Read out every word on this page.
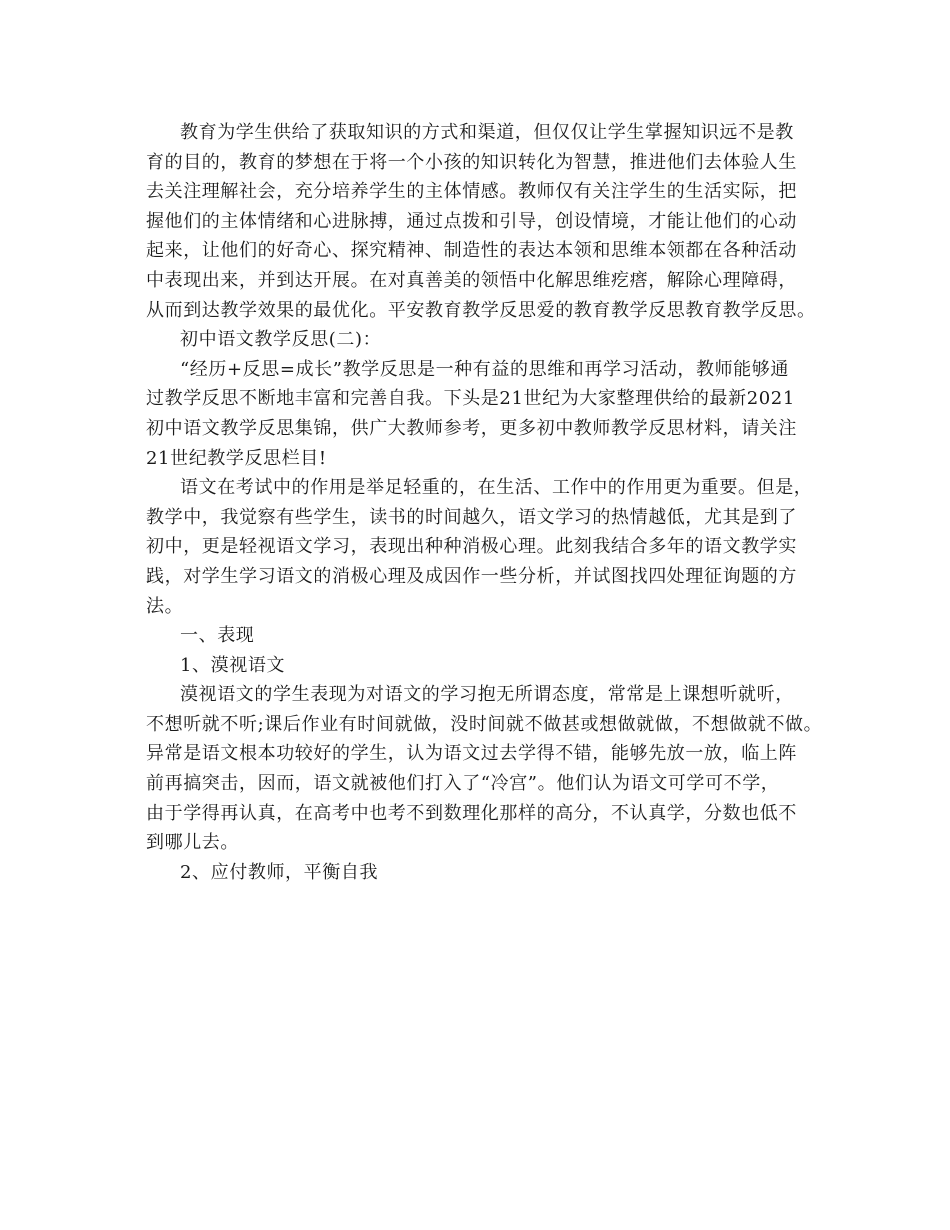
教育为学生供给了获取知识的方式和渠道，但仅仅让学生掌握知识远不是教
育的目的，教育的梦想在于将一个小孩的知识转化为智慧，推进他们去体验人生
去关注理解社会，充分培养学生的主体情感。教师仅有关注学生的生活实际，把
握他们的主体情绪和心进脉搏，通过点拨和引导，创设情境，才能让他们的心动
起来，让他们的好奇心、探究精神、制造性的表达本领和思维本领都在各种活动
中表现出来，并到达开展。在对真善美的领悟中化解思维疙瘩，解除心理障碍，
从而到达教学效果的最优化。平安教育教学反思爱的教育教学反思教育教学反思。
初中语文教学反思(二)：
“经历+反思=成长”教学反思是一种有益的思维和再学习活动，教师能够通
过教学反思不断地丰富和完善自我。下头是21世纪为大家整理供给的最新2021
初中语文教学反思集锦，供广大教师参考，更多初中教师教学反思材料，请关注
21世纪教学反思栏目!
语文在考试中的作用是举足轻重的，在生活、工作中的作用更为重要。但是，
教学中，我觉察有些学生，读书的时间越久，语文学习的热情越低，尤其是到了
初中，更是轻视语文学习，表现出种种消极心理。此刻我结合多年的语文教学实
践，对学生学习语文的消极心理及成因作一些分析，并试图找四处理征询题的方
法。
一、表现
1、漠视语文
漠视语文的学生表现为对语文的学习抱无所谓态度，常常是上课想听就听，
不想听就不听;课后作业有时间就做，没时间就不做甚或想做就做，不想做就不做。
异常是语文根本功较好的学生，认为语文过去学得不错，能够先放一放，临上阵
前再搞突击，因而，语文就被他们打入了“冷宫”。他们认为语文可学可不学，
由于学得再认真，在高考中也考不到数理化那样的高分，不认真学，分数也低不
到哪儿去。
2、应付教师，平衡自我
